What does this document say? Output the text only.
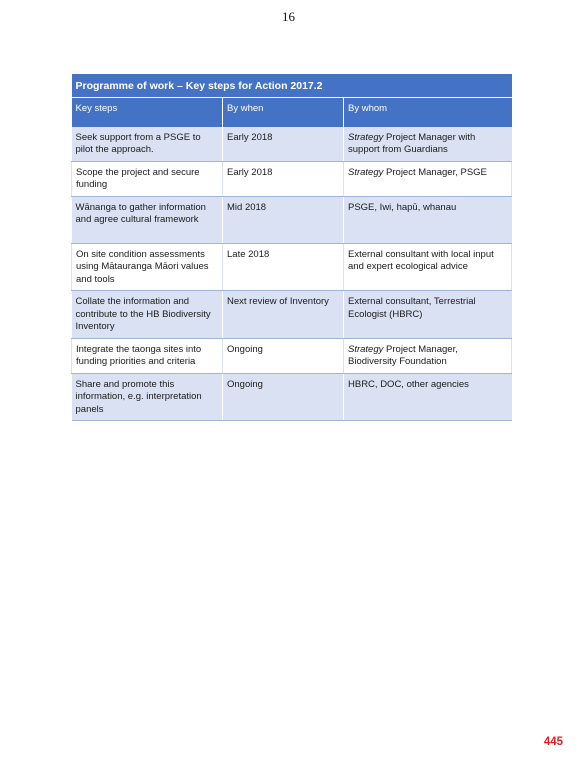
16
Programme of work – Key steps for Action 2017.2		
Key steps	By when	By whom
Seek support from a PSGE to pilot the approach.	Early 2018	Strategy Project Manager with support from Guardians
Scope the project and secure funding	Early 2018	Strategy Project Manager, PSGE
Wānanga to gather information and agree cultural framework	Mid 2018	PSGE, Iwi, hapū, whanau
On site condition assessments using Mātauranga Māori values and tools	Late 2018	External consultant with local input and expert ecological advice
Collate the information and contribute to the HB Biodiversity Inventory	Next review of Inventory	External consultant, Terrestrial Ecologist (HBRC)
Integrate the taonga sites into funding priorities and criteria	Ongoing	Strategy Project Manager, Biodiversity Foundation
Share and promote this information, e.g. interpretation panels	Ongoing	HBRC, DOC, other agencies
445
